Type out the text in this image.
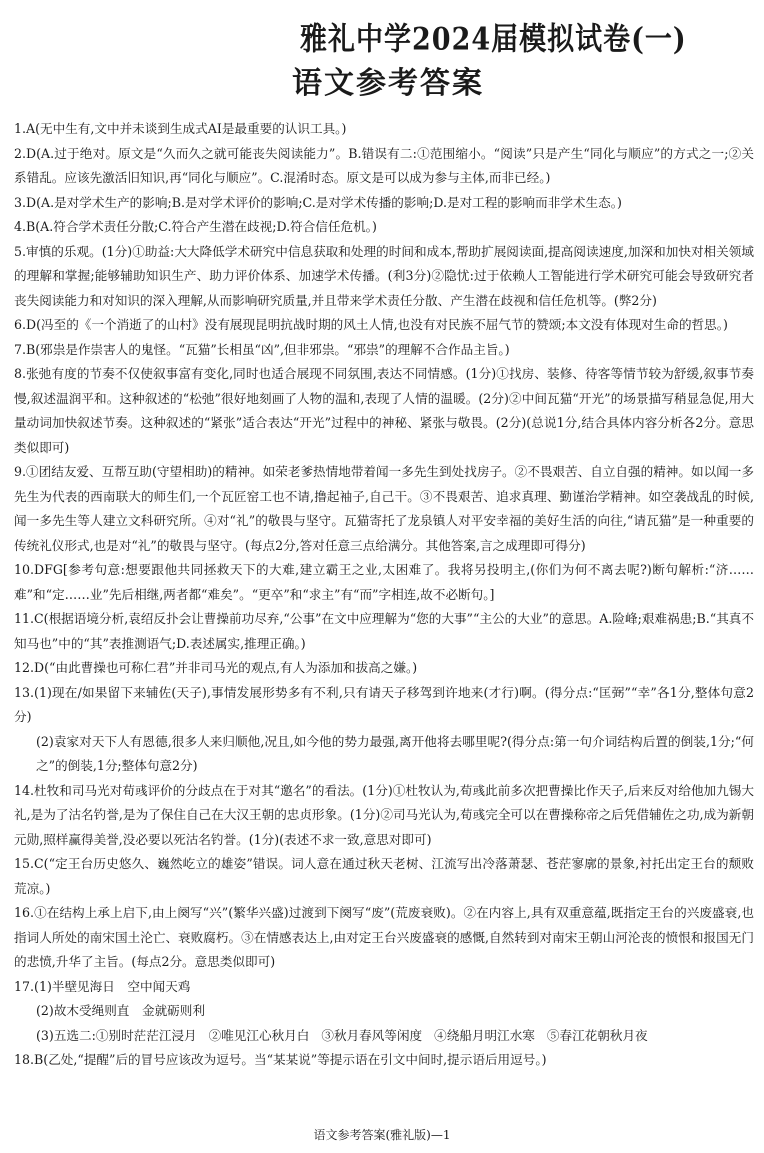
雅礼中学2024届模拟试卷(一)
语文参考答案
1.A(无中生有,文中并未谈到生成式AI是最重要的认识工具。)
2.D(A.过于绝对。原文是“久而久之就可能丧失阅读能力”。B.错误有二:①范围缩小。“阅读”只是产生“同化与顺应”的方式之一;②关系错乱。应该先激活旧知识,再“同化与顺应”。C.混淆时态。原文是可以成为参与主体,而非已经。)
3.D(A.是对学术生产的影响;B.是对学术评价的影响;C.是对学术传播的影响;D.是对工程的影响而非学术生态。)
4.B(A.符合学术责任分散;C.符合产生潜在歧视;D.符合信任危机。)
5.审慎的乐观。(1分)①助益:大大降低学术研究中信息获取和处理的时间和成本,帮助扩展阅读面,提高阅读速度,加深和加快对相关领域的理解和掌握;能够辅助知识生产、助力评价体系、加速学术传播。(利3分)②隐忧:过于依赖人工智能进行学术研究可能会导致研究者丧失阅读能力和对知识的深入理解,从而影响研究质量,并且带来学术责任分散、产生潜在歧视和信任危机等。(弊2分)
6.D(冯至的《一个消逝了的山村》没有展现昆明抗战时期的风土人情,也没有对民族不屈气节的赞颂;本文没有体现对生命的哲思。)
7.B(邪祟是作崇害人的鬼怪。“瓦猫”长相虽“凶”,但非邪祟。“邪祟”的理解不合作品主旨。)
8.张弛有度的节奏不仅使叙事富有变化,同时也适合展现不同氛围,表达不同情感。(1分)①找房、装修、待客等情节较为舒缓,叙事节奏慢,叙述温润平和。这种叙述的“松弛”很好地刻画了人物的温和,表现了人情的温暖。(2分)②中间瓦猫“开光”的场景描写稍显急促,用大量动词加快叙述节奏。这种叙述的“紧张”适合表达“开光”过程中的神秘、紧张与敬畏。(2分)(总说1分,结合具体内容分析各2分。意思类似即可)
9.①团结友爱、互帮互助(守望相助)的精神。如荣老爹热情地带着闻一多先生到处找房子。②不畏艰苦、自立自强的精神。如以闻一多先生为代表的西南联大的师生们,一个瓦匠窑工也不请,撸起袖子,自己干。③不畏艰苦、追求真理、勤谨治学精神。如空袭战乱的时候,闻一多先生等人建立文科研究所。④对“礼”的敬畏与坚守。瓦猫寄托了龙泉镇人对平安幸福的美好生活的向往,“请瓦猫”是一种重要的传统礼仪形式,也是对“礼”的敬畏与坚守。(每点2分,答对任意三点给满分。其他答案,言之成理即可得分)
10.DFG[参考句意:想要跟他共同拯救天下的大难,建立霸王之业,太困难了。我将另投明主,(你们为何不离去呢?)断句解析:“济……难”和“定……业”先后相继,两者都“难矣”。“更卒”和“求主”有“而”字相连,故不必断句。]
11.C(根据语境分析,袁绍反扑会让曹操前功尽弃,“公事”在文中应理解为“您的大事”“主公的大业”的意思。A.险峰;艰难祸患;B.“其真不知马也”中的“其”表推测语气;D.表述属实,推理正确。)
12.D(“由此曹操也可称仁君”并非司马光的观点,有人为添加和拔高之嫌。)
13.(1)现在/如果留下来辅佐(天子),事情发展形势多有不利,只有请天子移驾到许地来(才行)啊。(得分点:“匡弼”“幸”各1分,整体句意2分)
(2)袁家对天下人有恩德,很多人来归顺他,况且,如今他的势力最强,离开他将去哪里呢?(得分点:第一句介词结构后置的倒装,1分;“何之”的倒装,1分;整体句意2分)
14.杜牧和司马光对荀彧评价的分歧点在于对其“邀名”的看法。(1分)①杜牧认为,荀彧此前多次把曹操比作天子,后来反对给他加九锡大礼,是为了沽名钓誉,是为了保住自己在大汉王朝的忠贞形象。(1分)②司马光认为,荀彧完全可以在曹操称帝之后凭借辅佐之功,成为新朝元勋,照样赢得美誉,没必要以死沽名钓誉。(1分)(表述不求一致,意思对即可)
15.C(“定王台历史悠久、巍然屹立的雄姿”错误。词人意在通过秋天老树、江流写出冷落萧瑟、苍茫寥廓的景象,衬托出定王台的颓败荒凉。)
16.①在结构上承上启下,由上阕写“兴”(繁华兴盛)过渡到下阕写“废”(荒废衰败)。②在内容上,具有双重意蕴,既指定王台的兴废盛衰,也指词人所处的南宋国土沦亡、衰败腐朽。③在情感表达上,由对定王台兴废盛衰的感慨,自然转到对南宋王朝山河沦丧的愤恨和报国无门的悲愤,升华了主旨。(每点2分。意思类似即可)
17.(1)半壁见海日　空中闻天鸡
(2)故木受绳则直　金就砺则利
(3)五选二:①别时茫茫江浸月 ②唯见江心秋月白 ③秋月春风等闲度 ④绕船月明江水寒 ⑤春江花朝秋月夜
18.B(乙处,“提醒”后的冒号应该改为逗号。当“某某说”等提示语在引文中间时,提示语后用逗号。)
语文参考答案(雅礼版)—1
